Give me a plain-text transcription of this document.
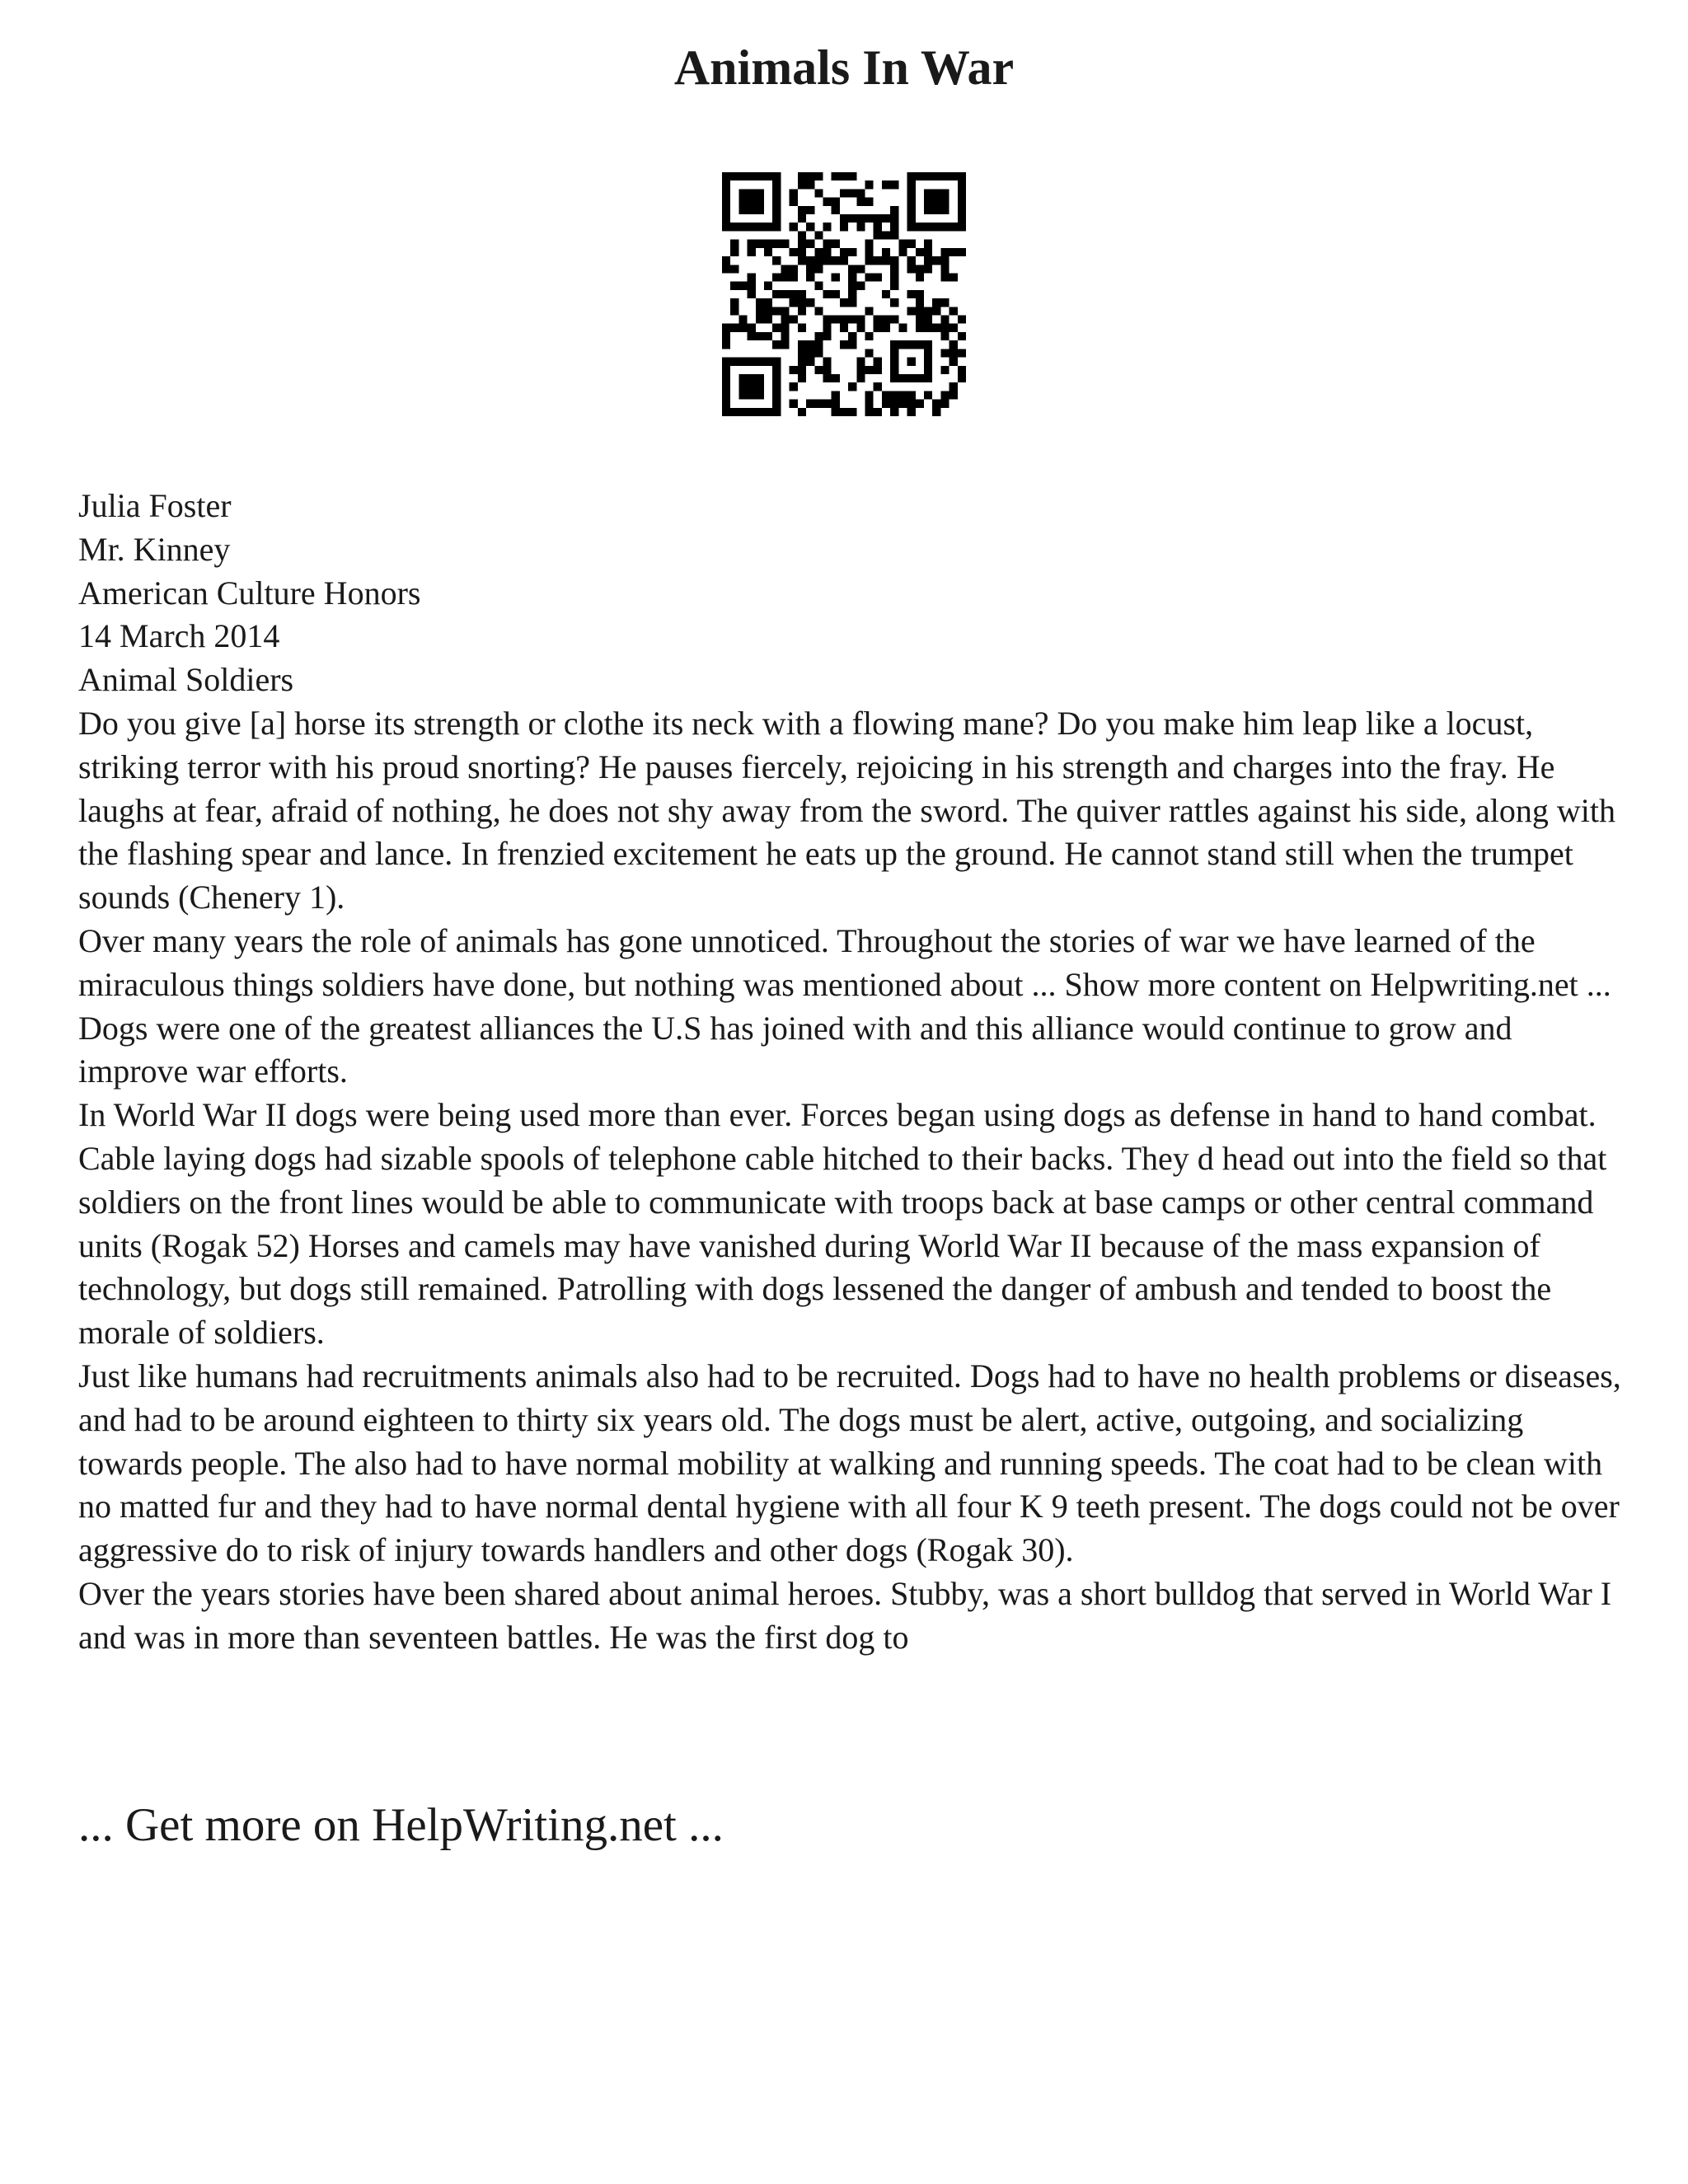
Animals In War

Julia Foster

Mr. Kinney

American Culture Honors

14 March 2014

Animal Soldiers

Do you give [a] horse its strength or clothe its neck with a flowing mane? Do you make him leap like a locust, striking terror with his proud snorting? He pauses fiercely, rejoicing in his strength and charges into the fray. He laughs at fear, afraid of nothing, he does not shy away from the sword. The quiver rattles against his side, along with the flashing spear and lance. In frenzied excitement he eats up the ground. He cannot stand still when the trumpet sounds (Chenery 1).

Over many years the role of animals has gone unnoticed. Throughout the stories of war we have learned of the miraculous things soldiers have done, but nothing was mentioned about ... Show more content on Helpwriting.net ...

Dogs were one of the greatest alliances the U.S has joined with and this alliance would continue to grow and improve war efforts.

In World War II dogs were being used more than ever. Forces began using dogs as defense in hand to hand combat. Cable laying dogs had sizable spools of telephone cable hitched to their backs. They d head out into the field so that soldiers on the front lines would be able to communicate with troops back at base camps or other central command units (Rogak 52) Horses and camels may have vanished during World War II because of the mass expansion of technology, but dogs still remained. Patrolling with dogs lessened the danger of ambush and tended to boost the morale of soldiers.

Just like humans had recruitments animals also had to be recruited. Dogs had to have no health problems or diseases, and had to be around eighteen to thirty six years old. The dogs must be alert, active, outgoing, and socializing towards people. The also had to have normal mobility at walking and running speeds. The coat had to be clean with no matted fur and they had to have normal dental hygiene with all four K 9 teeth present. The dogs could not be over aggressive do to risk of injury towards handlers and other dogs (Rogak 30).

Over the years stories have been shared about animal heroes. Stubby, was a short bulldog that served in World War I and was in more than seventeen battles. He was the first dog to

... Get more on HelpWriting.net ...
